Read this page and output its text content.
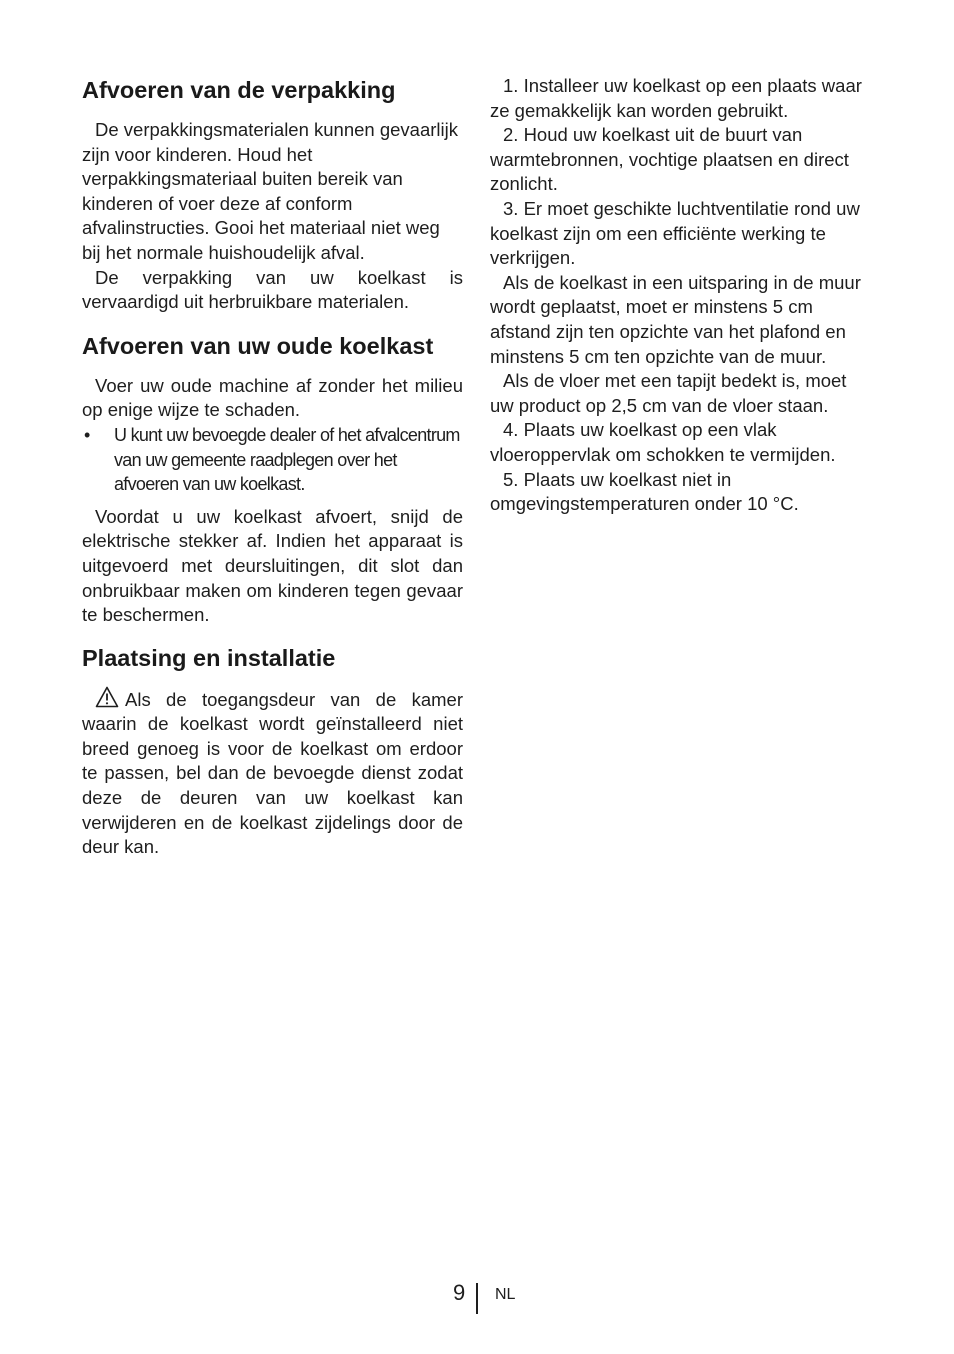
Afvoeren van de verpakking

De verpakkingsmaterialen kunnen gevaarlijk zijn voor kinderen. Houd het verpakkingsmateriaal buiten bereik van kinderen of voer deze af conform afvalinstructies. Gooi het materiaal niet weg bij het normale huishoudelijk afval.

De verpakking van uw koelkast is vervaardigd uit herbruikbare materialen.

Afvoeren van uw oude koelkast

Voer uw oude machine af zonder het milieu op enige wijze te schaden.

• U kunt uw bevoegde dealer of het afvalcentrum van uw gemeente raadplegen over het afvoeren van uw koelkast.

Voordat u uw koelkast afvoert, snijd de elektrische stekker af. Indien het apparaat is uitgevoerd met deursluitingen, dit slot dan onbruikbaar maken om kinderen tegen gevaar te beschermen.

Plaatsing en installatie

Als de toegangsdeur van de kamer waarin de koelkast wordt geïnstalleerd niet breed genoeg is voor de koelkast om erdoor te passen, bel dan de bevoegde dienst zodat deze de deuren van uw koelkast kan verwijderen en de koelkast zijdelings door de deur kan.

1. Installeer uw koelkast op een plaats waar ze gemakkelijk kan worden gebruikt.

2. Houd uw koelkast uit de buurt van warmtebronnen, vochtige plaatsen en direct zonlicht.

3. Er moet geschikte luchtventilatie rond uw koelkast zijn om een efficiënte werking te verkrijgen.

Als de koelkast in een uitsparing in de muur wordt geplaatst, moet er minstens 5 cm afstand zijn ten opzichte van het plafond en minstens 5 cm ten opzichte van de muur.

Als de vloer met een tapijt bedekt is, moet uw product op 2,5 cm van de vloer staan.

4. Plaats uw koelkast op een vlak vloeroppervlak om schokken te vermijden.

5. Plaats uw koelkast niet in omgevingstemperaturen onder 10 °C.

9 NL
